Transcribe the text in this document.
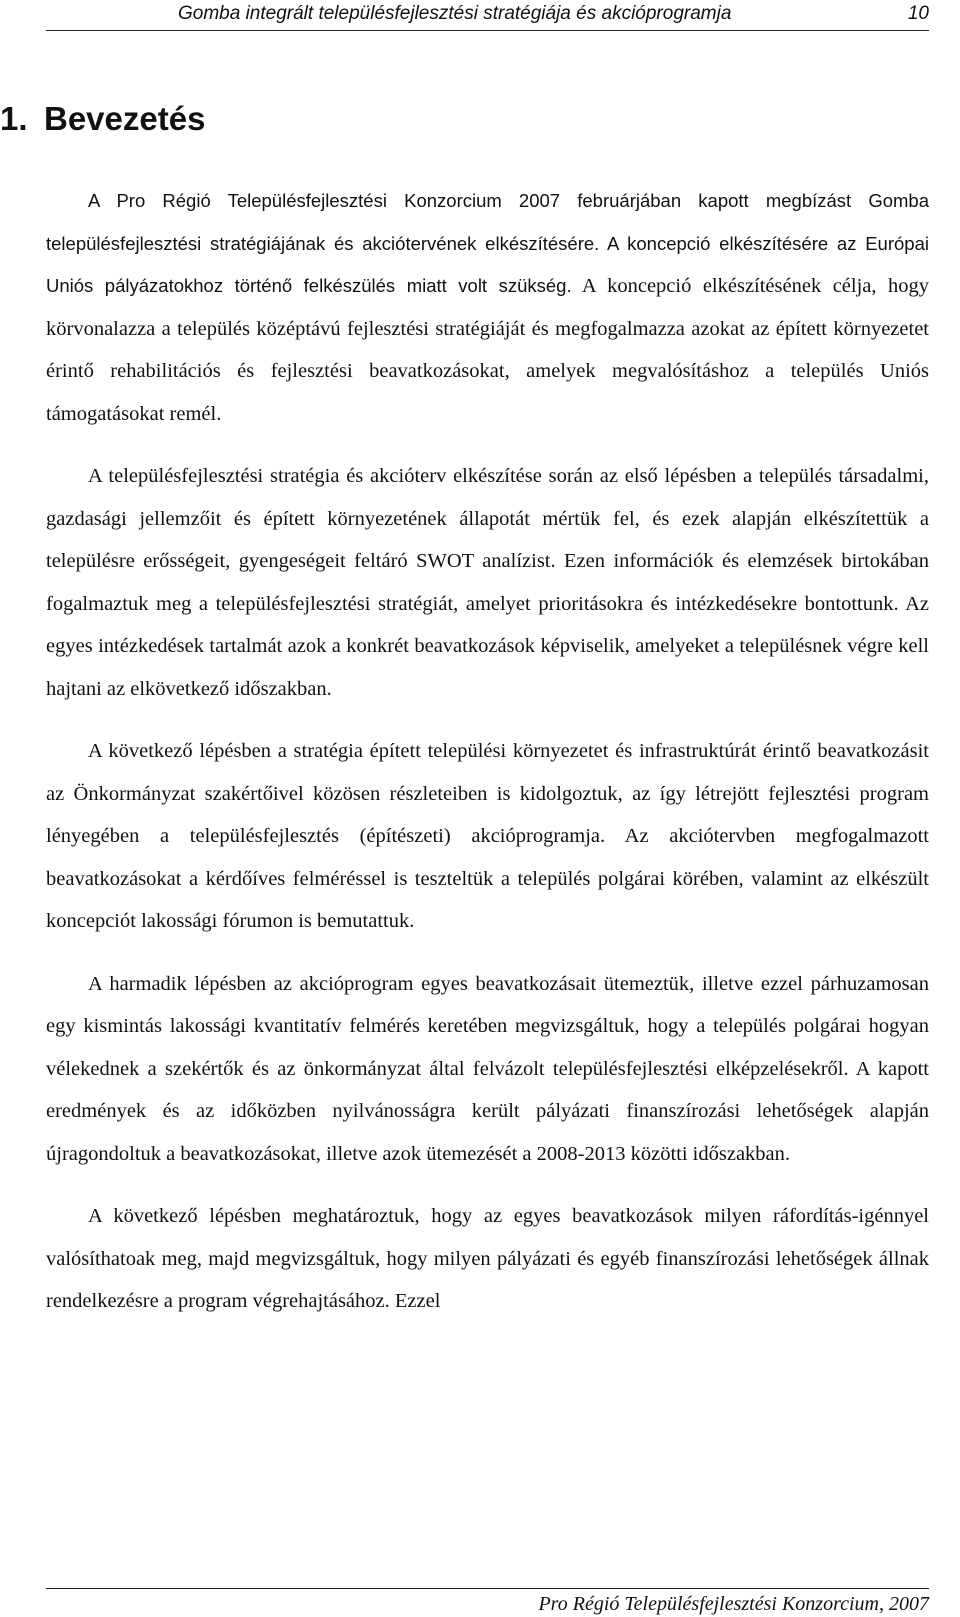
Gomba integrált településfejlesztési stratégiája és akcióprogramja	10
1. Bevezetés

A Pro Régió Településfejlesztési Konzorcium 2007 februárjában kapott megbízást Gomba településfejlesztési stratégiájának és akciótervének elkészítésére. A koncepció elkészítésére az Európai Uniós pályázatokhoz történő felkészülés miatt volt szükség. A koncepció elkészítésének célja, hogy körvonalazza a település középtávú fejlesztési stratégiáját és megfogalmazza azokat az épített környezetet érintő rehabilitációs és fejlesztési beavatkozásokat, amelyek megvalósításhoz a település Uniós támogatásokat remél.

A településfejlesztési stratégia és akcióterv elkészítése során az első lépésben a település társadalmi, gazdasági jellemzőit és épített környezetének állapotát mértük fel, és ezek alapján elkészítettük a településre erősségeit, gyengeségeit feltáró SWOT analízist. Ezen információk és elemzések birtokában fogalmaztuk meg a településfejlesztési stratégiát, amelyet prioritásokra és intézkedésekre bontottunk. Az egyes intézkedések tartalmát azok a konkrét beavatkozások képviselik, amelyeket a településnek végre kell hajtani az elkövetkező időszakban.

A következő lépésben a stratégia épített települési környezetet és infrastruktúrát érintő beavatkozásit az Önkormányzat szakértőivel közösen részleteiben is kidolgoztuk, az így létrejött fejlesztési program lényegében a településfejlesztés (építészeti) akcióprogramja. Az akciótervben megfogalmazott beavatkozásokat a kérdőíves felméréssel is teszteltük a település polgárai körében, valamint az elkészült koncepciót lakossági fórumon is bemutattuk.

A harmadik lépésben az akcióprogram egyes beavatkozásait ütemeztük, illetve ezzel párhuzamosan egy kismintás lakossági kvantitatív felmérés keretében megvizsgáltuk, hogy a település polgárai hogyan vélekednek a szekértők és az önkormányzat által felvázolt településfejlesztési elképzelésekről. A kapott eredmények és az időközben nyilvánosságra került pályázati finanszírozási lehetőségek alapján újragondoltuk a beavatkozásokat, illetve azok ütemezését a 2008-2013 közötti időszakban.

A következő lépésben meghatároztuk, hogy az egyes beavatkozások milyen ráfordítás-igénnyel valósíthatoak meg, majd megvizsgáltuk, hogy milyen pályázati és egyéb finanszírozási lehetőségek állnak rendelkezésre a program végrehajtásához. Ezzel

Pro Régió Településfejlesztési Konzorcium, 2007
